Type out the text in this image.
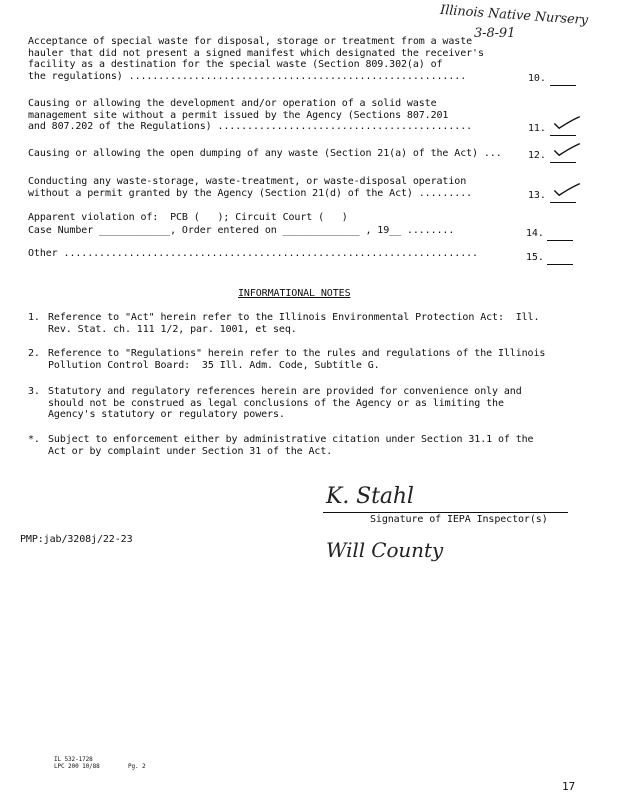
Illinois Native Nursery
3-8-91
Acceptance of special waste for disposal, storage or treatment from a waste
hauler that did not present a signed manifest which designated the receiver's
facility as a destination for the special waste (Section 809.302(a) of
the regulations) .........................................................	10.
Causing or allowing the development and/or operation of a solid waste
management site without a permit issued by the Agency (Sections 807.201
and 807.202 of the Regulations) ...........................................	11.
Causing or allowing the open dumping of any waste (Section 21(a) of the Act) ...	12.
Conducting any waste-storage, waste-treatment, or waste-disposal operation
without a permit granted by the Agency (Section 21(d) of the Act) .........	13.
Apparent violation of:  PCB (   ); Circuit Court (   )
Case Number ____________, Order entered on _____________ , 19__ ........	14.
Other ......................................................................	15.
INFORMATIONAL NOTES
1. Reference to "Act" herein refer to the Illinois Environmental Protection Act:  Ill.
Rev. Stat. ch. 111 1/2, par. 1001, et seq.
2. Reference to "Regulations" herein refer to the rules and regulations of the Illinois
Pollution Control Board:  35 Ill. Adm. Code, Subtitle G.
3. Statutory and regulatory references herein are provided for convenience only and
should not be construed as legal conclusions of the Agency or as limiting the
Agency's statutory or regulatory powers.
*. Subject to enforcement either by administrative citation under Section 31.1 of the
Act or by complaint under Section 31 of the Act.
K. Stahl
Signature of IEPA Inspector(s)
PMP:jab/3208j/22-23	Will County
IL 532-1728
LPC 200 10/88	Pg. 2
17
